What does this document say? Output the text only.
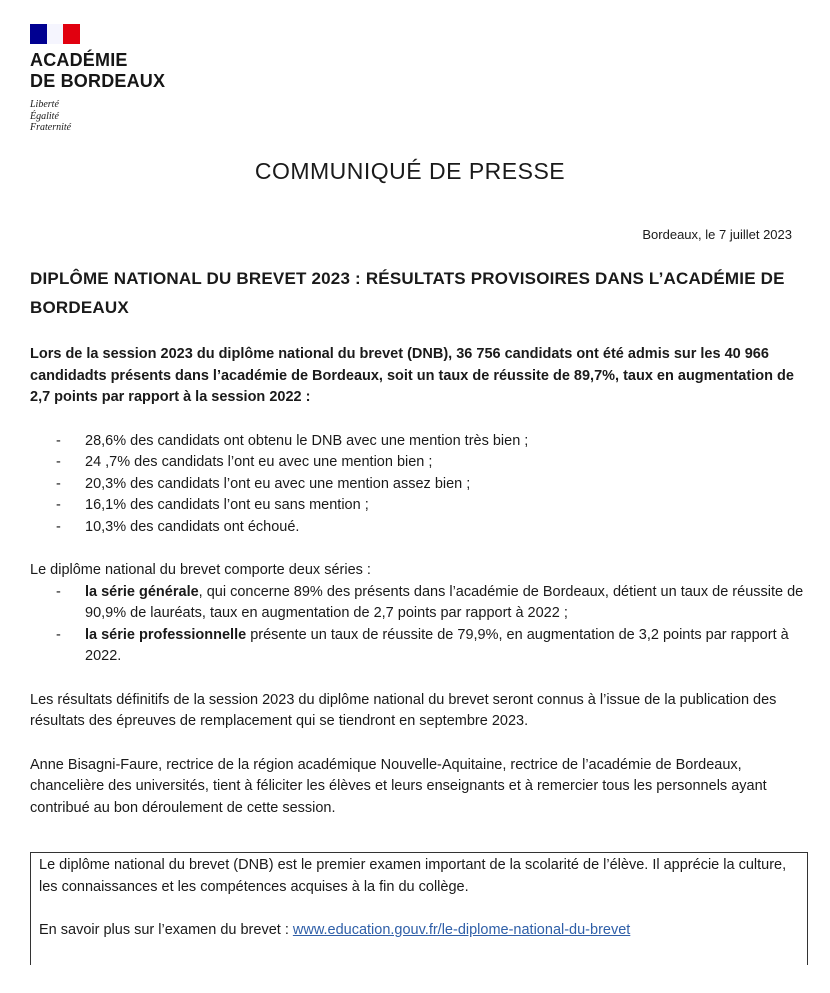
ACADÉMIE
DE BORDEAUX
Liberté
Égalité
Fraternité
COMMUNIQUÉ DE PRESSE
Bordeaux, le 7 juillet 2023
DIPLÔME NATIONAL DU BREVET 2023 : RÉSULTATS PROVISOIRES DANS L’ACADÉMIE DE BORDEAUX

Lors de la session 2023 du diplôme national du brevet (DNB), 36 756 candidats ont été admis sur les 40 966 candidadts présents dans l’académie de Bordeaux, soit un taux de réussite de 89,7%, taux en augmentation de 2,7 points par rapport à la session 2022 :

- 28,6% des candidats ont obtenu le DNB avec une mention très bien ;
- 24 ,7% des candidats l’ont eu avec une mention bien ;
- 20,3% des candidats l’ont eu avec une mention assez bien ;
- 16,1% des candidats l’ont eu sans mention ;
- 10,3% des candidats ont échoué.

Le diplôme national du brevet comporte deux séries :

- la série générale, qui concerne 89% des présents dans l’académie de Bordeaux, détient un taux de réussite de 90,9% de lauréats, taux en augmentation de 2,7 points par rapport à 2022 ;
- la série professionnelle présente un taux de réussite de 79,9%, en augmentation de 3,2 points par rapport à 2022.

Les résultats définitifs de la session 2023 du diplôme national du brevet seront connus à l’issue de la publication des résultats des épreuves de remplacement qui se tiendront en septembre 2023.

Anne Bisagni-Faure, rectrice de la région académique Nouvelle-Aquitaine, rectrice de l’académie de Bordeaux, chancelière des universités, tient à féliciter les élèves et leurs enseignants et à remercier tous les personnels ayant contribué au bon déroulement de cette session.

Le diplôme national du brevet (DNB) est le premier examen important de la scolarité de l’élève. Il apprécie la culture, les connaissances et les compétences acquises à la fin du collège.

En savoir plus sur l’examen du brevet : www.education.gouv.fr/le-diplome-national-du-brevet
